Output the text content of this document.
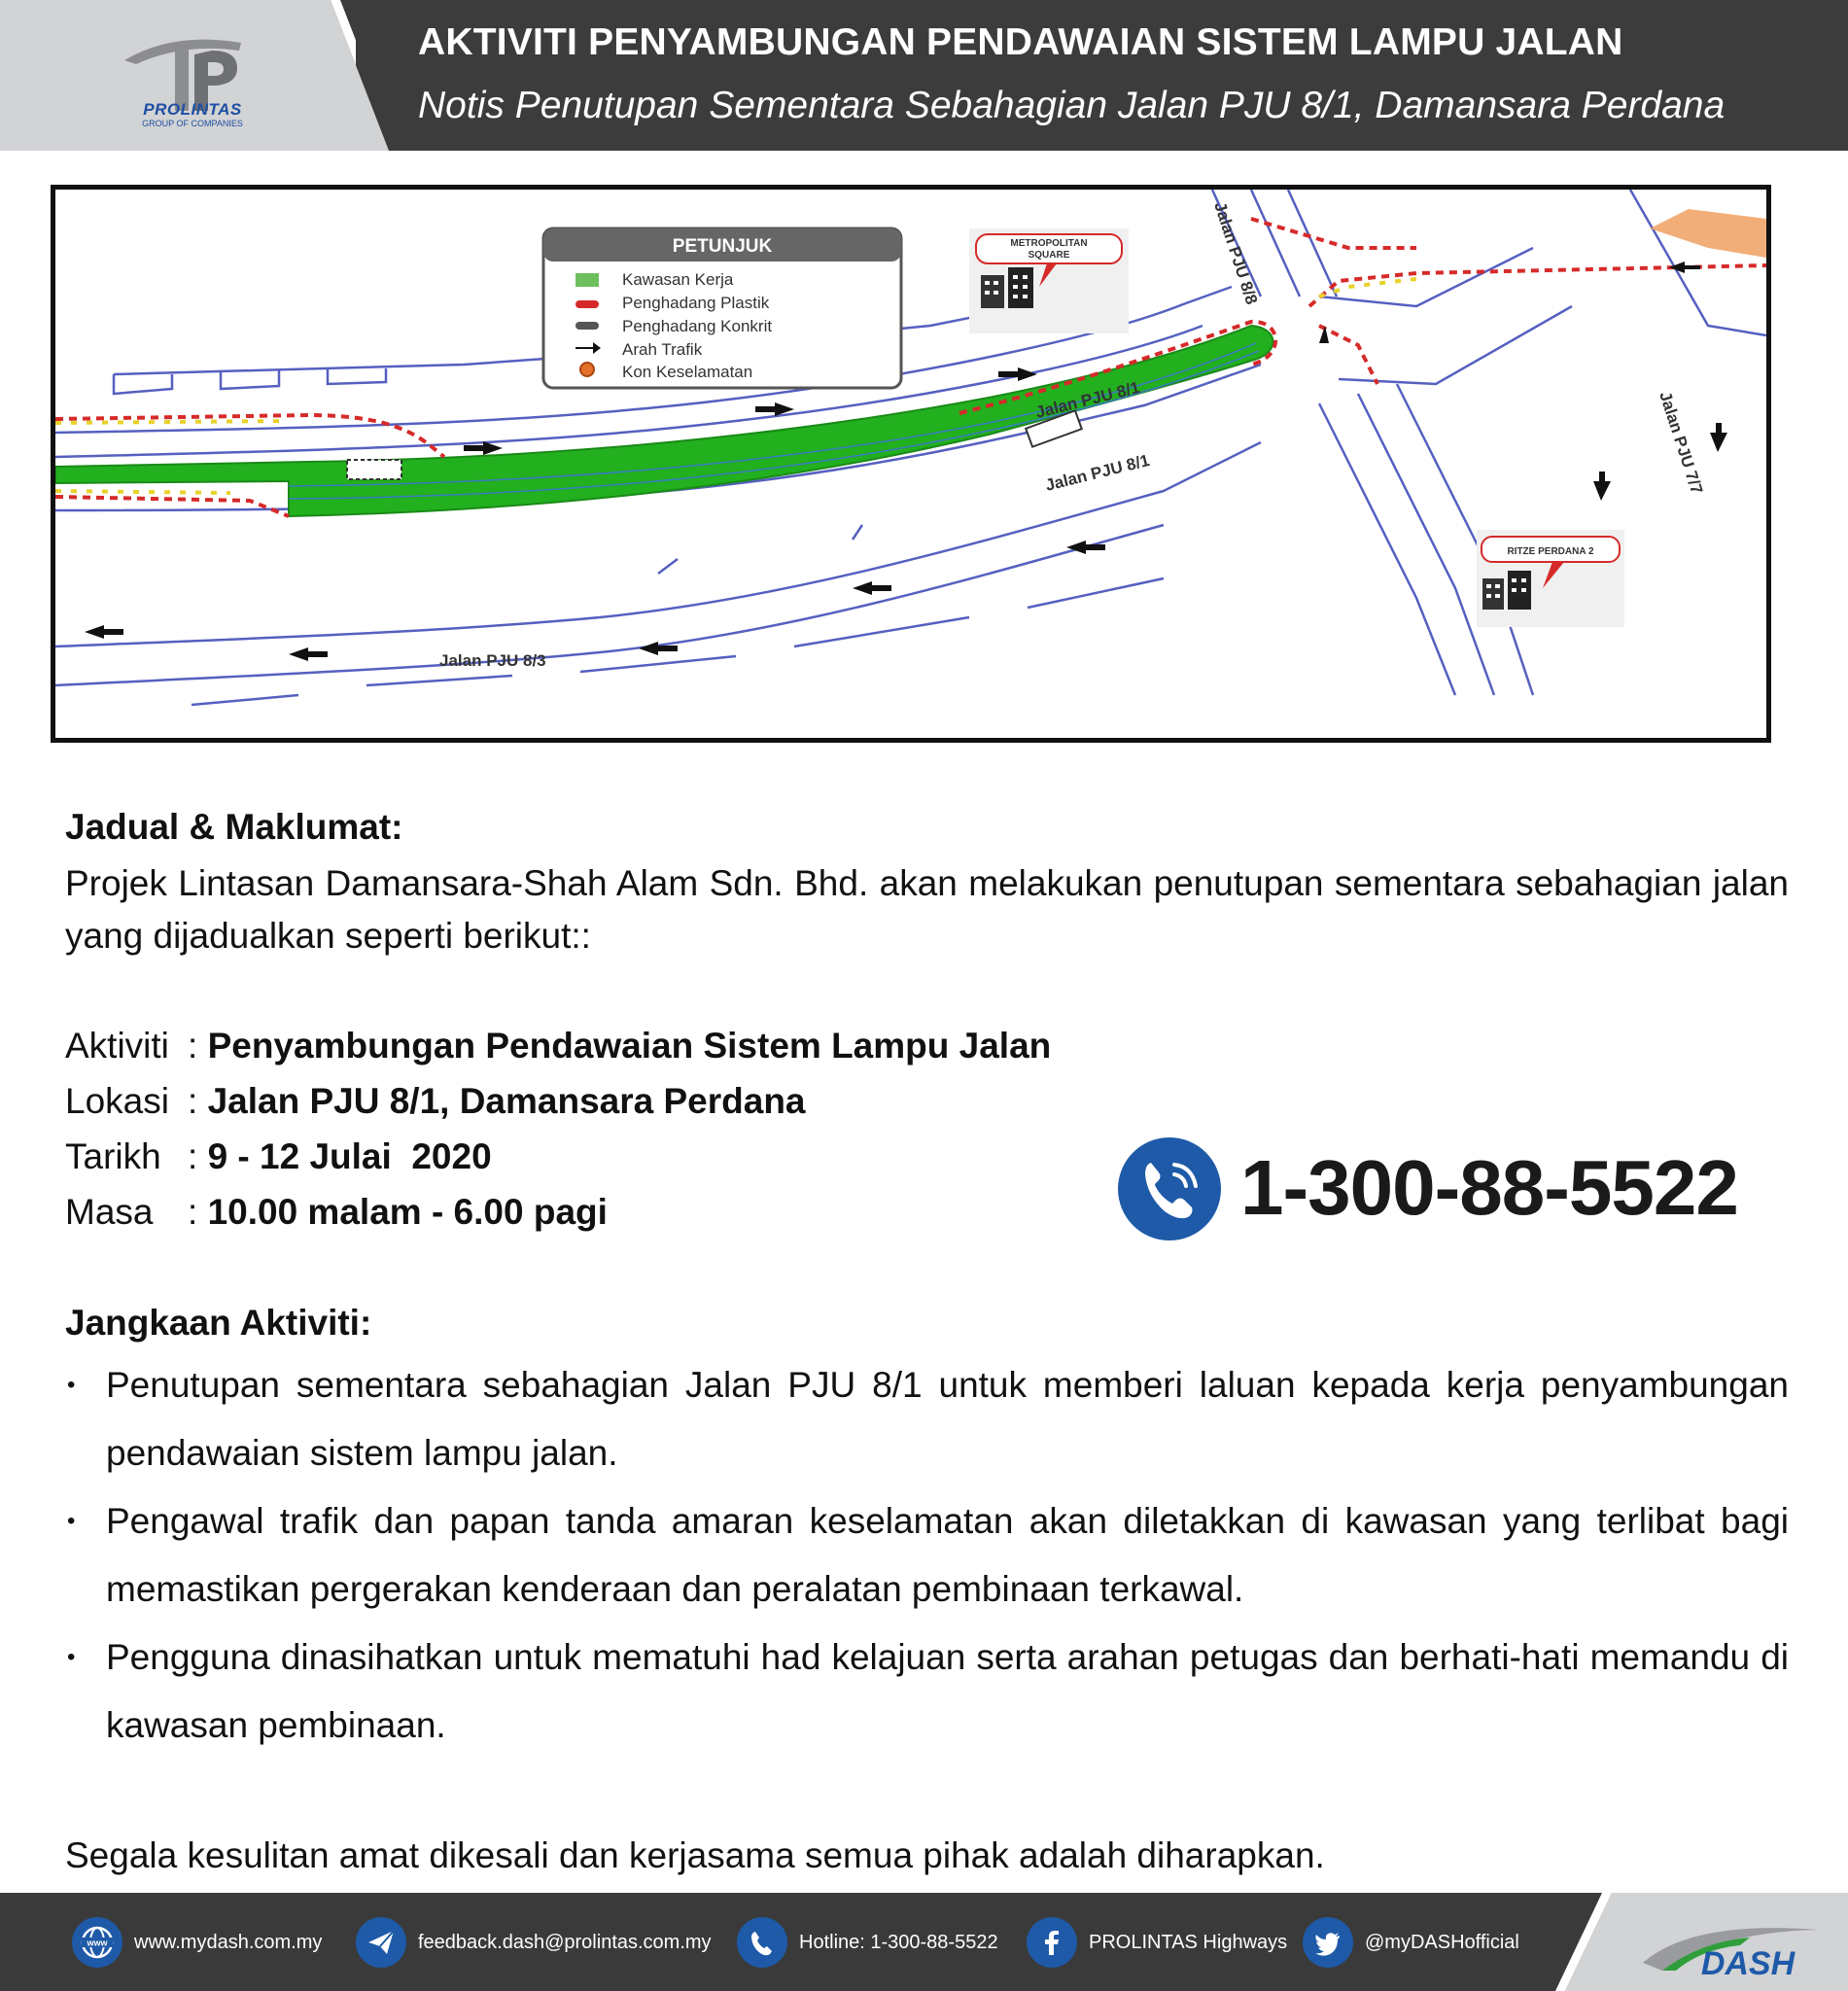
PROLINTAS
GROUP OF COMPANIES
AKTIVITI PENYAMBUNGAN PENDAWAIAN SISTEM LAMPU JALAN
Notis Penutupan Sementara Sebahagian Jalan PJU 8/1, Damansara Perdana
PETUNJUK
Kawasan Kerja
Penghadang Plastik
Penghadang Konkrit
Arah Trafik
Kon Keselamatan
METROPOLITAN
SQUARE
RITZE PERDANA 2
Jalan PJU 8/1
Jalan PJU 8/1
Jalan PJU 8/3
Jalan PJU 8/8
Jalan PJU 7/7
Jadual & Maklumat:
Projek Lintasan Damansara-Shah Alam Sdn. Bhd. akan melakukan penutupan sementara sebahagian jalan yang dijadualkan seperti berikut::
Aktiviti : Penyambungan Pendawaian Sistem Lampu Jalan
Lokasi : Jalan PJU 8/1, Damansara Perdana
Tarikh : 9 - 12 Julai  2020
Masa : 10.00 malam - 6.00 pagi	1-300-88-5522
Jangkaan Aktiviti:
• Penutupan sementara sebahagian Jalan PJU 8/1 untuk memberi laluan kepada kerja penyambungan pendawaian sistem lampu jalan.
• Pengawal trafik dan papan tanda amaran keselamatan akan diletakkan di kawasan yang terlibat bagi memastikan pergerakan kenderaan dan peralatan pembinaan terkawal.
• Pengguna dinasihatkan untuk mematuhi had kelajuan serta arahan petugas dan berhati-hati memandu di kawasan pembinaan.
Segala kesulitan amat dikesali dan kerjasama semua pihak adalah diharapkan.
www www.mydash.com.my	feedback.dash@prolintas.com.my	Hotline: 1-300-88-5522	PROLINTAS Highways	@myDASHofficial
DASH
